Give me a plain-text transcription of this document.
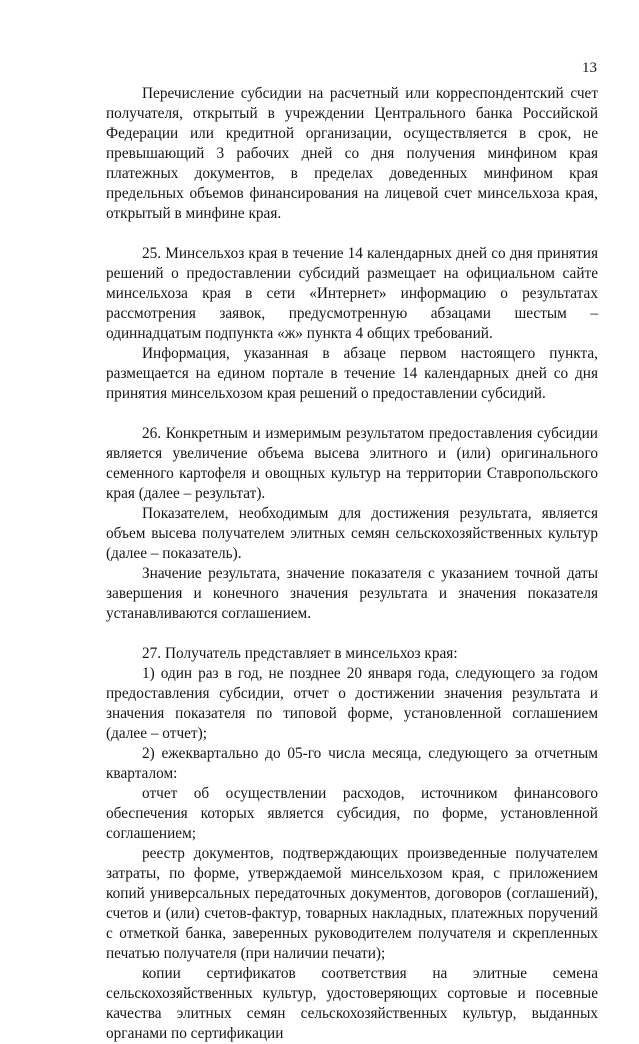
13

Перечисление субсидии на расчетный или корреспондентский счет получателя, открытый в учреждении Центрального банка Российской Федерации или кредитной организации, осуществляется в срок, не превышающий 3 рабочих дней со дня получения минфином края платежных документов, в пределах доведенных минфином края предельных объемов финансирования на лицевой счет минсельхоза края, открытый в минфине края.

25. Минсельхоз края в течение 14 календарных дней со дня принятия решений о предоставлении субсидий размещает на официальном сайте минсельхоза края в сети «Интернет» информацию о результатах рассмотрения заявок, предусмотренную абзацами шестым – одиннадцатым подпункта «ж» пункта 4 общих требований.

Информация, указанная в абзаце первом настоящего пункта, размещается на едином портале в течение 14 календарных дней со дня принятия минсельхозом края решений о предоставлении субсидий.

26. Конкретным и измеримым результатом предоставления субсидии является увеличение объема высева элитного и (или) оригинального семенного картофеля и овощных культур на территории Ставропольского края (далее – результат).

Показателем, необходимым для достижения результата, является объем высева получателем элитных семян сельскохозяйственных культур (далее – показатель).

Значение результата, значение показателя с указанием точной даты завершения и конечного значения результата и значения показателя устанавливаются соглашением.

27. Получатель представляет в минсельхоз края:

1) один раз в год, не позднее 20 января года, следующего за годом предоставления субсидии, отчет о достижении значения результата и значения показателя по типовой форме, установленной соглашением (далее – отчет);

2) ежеквартально до 05-го числа месяца, следующего за отчетным кварталом:

отчет об осуществлении расходов, источником финансового обеспечения которых является субсидия, по форме, установленной соглашением;

реестр документов, подтверждающих произведенные получателем затраты, по форме, утверждаемой минсельхозом края, с приложением копий универсальных передаточных документов, договоров (соглашений), счетов и (или) счетов-фактур, товарных накладных, платежных поручений с отметкой банка, заверенных руководителем получателя и скрепленных печатью получателя (при наличии печати);

копии сертификатов соответствия на элитные семена сельскохозяйственных культур, удостоверяющих сортовые и посевные качества элитных семян сельскохозяйственных культур, выданных органами по сертификации
